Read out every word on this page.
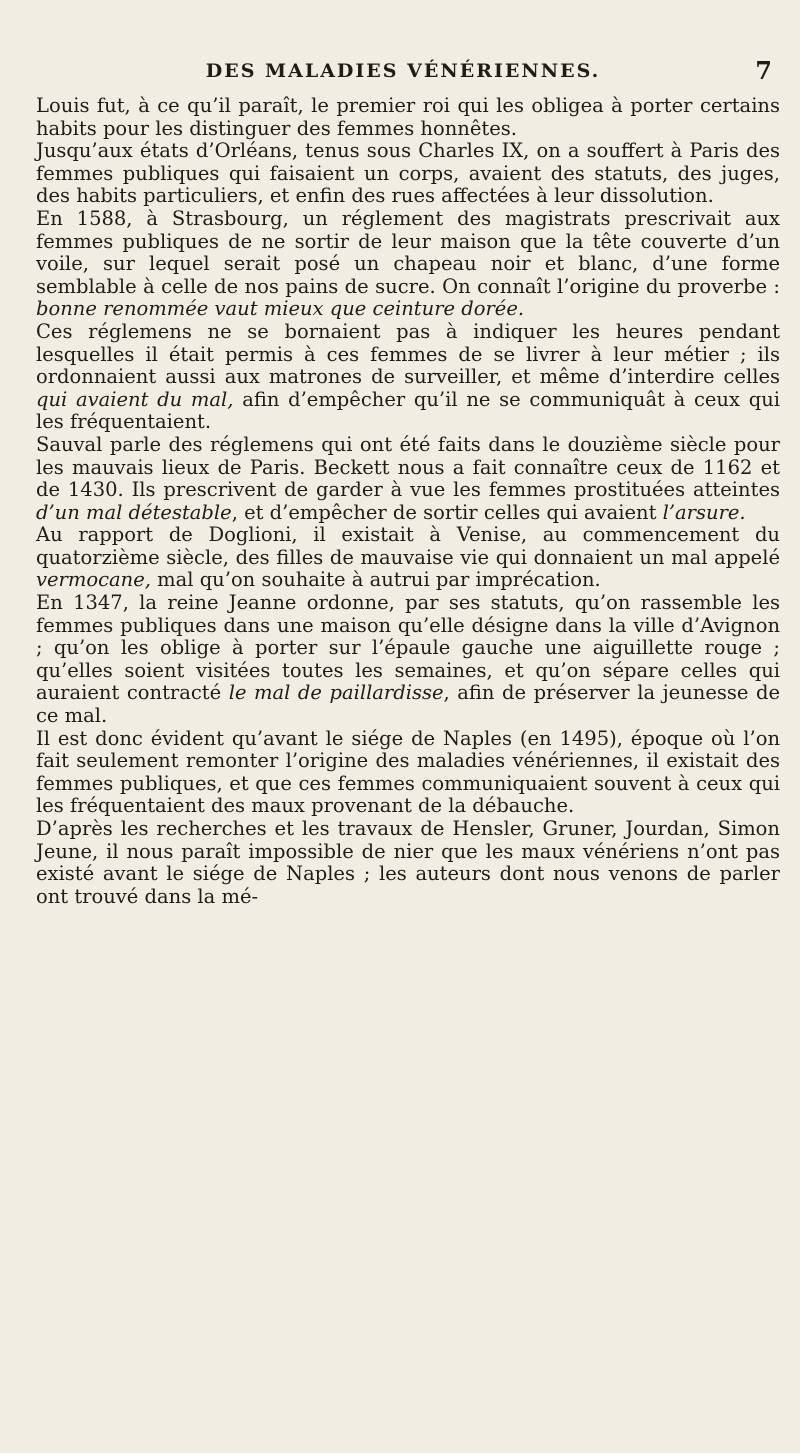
DES MALADIES VÉNÉRIENNES.	7

Louis fut, à ce qu’il paraît, le premier roi qui les obligea à porter certains habits pour les distinguer des femmes honnêtes.

Jusqu’aux états d’Orléans, tenus sous Charles IX, on a souffert à Paris des femmes publiques qui faisaient un corps, avaient des statuts, des juges, des habits particuliers, et enfin des rues affectées à leur dissolution.

En 1588, à Strasbourg, un réglement des magistrats prescrivait aux femmes publiques de ne sortir de leur maison que la tête couverte d’un voile, sur lequel serait posé un chapeau noir et blanc, d’une forme semblable à celle de nos pains de sucre. On connaît l’origine du proverbe : bonne renommée vaut mieux que ceinture dorée.

Ces réglemens ne se bornaient pas à indiquer les heures pendant lesquelles il était permis à ces femmes de se livrer à leur métier ; ils ordonnaient aussi aux matrones de surveiller, et même d’interdire celles qui avaient du mal, afin d’empêcher qu’il ne se communiquât à ceux qui les fréquentaient.

Sauval parle des réglemens qui ont été faits dans le douzième siècle pour les mauvais lieux de Paris. Beckett nous a fait connaître ceux de 1162 et de 1430. Ils prescrivent de garder à vue les femmes prostituées atteintes d’un mal détestable, et d’empêcher de sortir celles qui avaient l’arsure.

Au rapport de Doglioni, il existait à Venise, au commencement du quatorzième siècle, des filles de mauvaise vie qui donnaient un mal appelé vermocane, mal qu’on souhaite à autrui par imprécation.

En 1347, la reine Jeanne ordonne, par ses statuts, qu’on rassemble les femmes publiques dans une maison qu’elle désigne dans la ville d’Avignon ; qu’on les oblige à porter sur l’épaule gauche une aiguillette rouge ; qu’elles soient visitées toutes les semaines, et qu’on sépare celles qui auraient contracté le mal de paillardisse, afin de préserver la jeunesse de ce mal.

Il est donc évident qu’avant le siége de Naples (en 1495), époque où l’on fait seulement remonter l’origine des maladies vénériennes, il existait des femmes publiques, et que ces femmes communiquaient souvent à ceux qui les fréquentaient des maux provenant de la débauche.

D’après les recherches et les travaux de Hensler, Gruner, Jourdan, Simon Jeune, il nous paraît impossible de nier que les maux vénériens n’ont pas existé avant le siége de Naples ; les auteurs dont nous venons de parler ont trouvé dans la mé-
